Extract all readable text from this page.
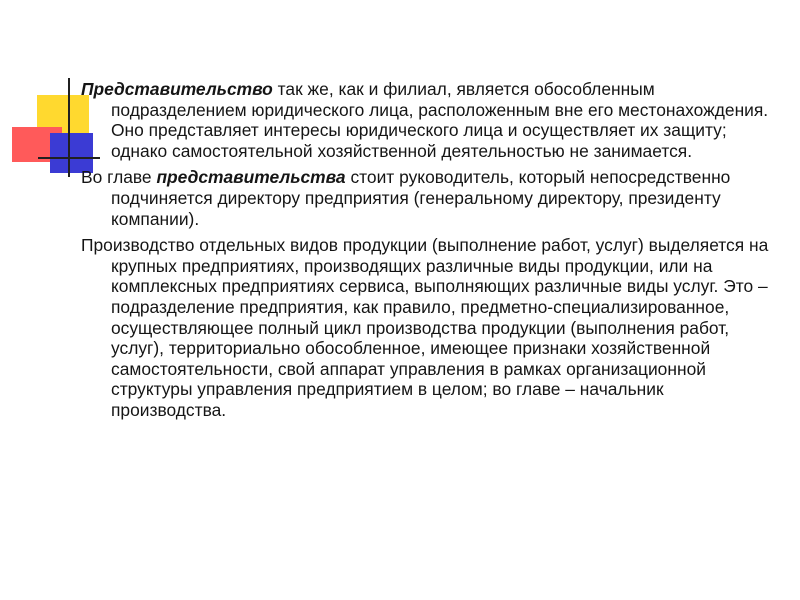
Представительство так же, как и филиал, является обособленным подразделением юридического лица, расположенным вне его местонахождения. Оно представляет интересы юридического лица и осуществляет их защиту; однако самостоятельной хозяйственной деятельностью не занимается.

Во главе представительства стоит руководитель, который непосредственно подчиняется директору предприятия (генеральному директору, президенту компании).

Производство отдельных видов продукции (выполнение работ, услуг) выделяется на крупных предприятиях, производящих различные виды продукции, или на комплексных предприятиях сервиса, выполняющих различные виды услуг. Это – подразделение предприятия, как правило, предметно-специализированное, осуществляющее полный цикл производства продукции (выполнения работ, услуг), территориально обособленное, имеющее признаки хозяйственной самостоятельности, свой аппарат управления в рамках организационной структуры управления предприятием в целом; во главе – начальник производства.
